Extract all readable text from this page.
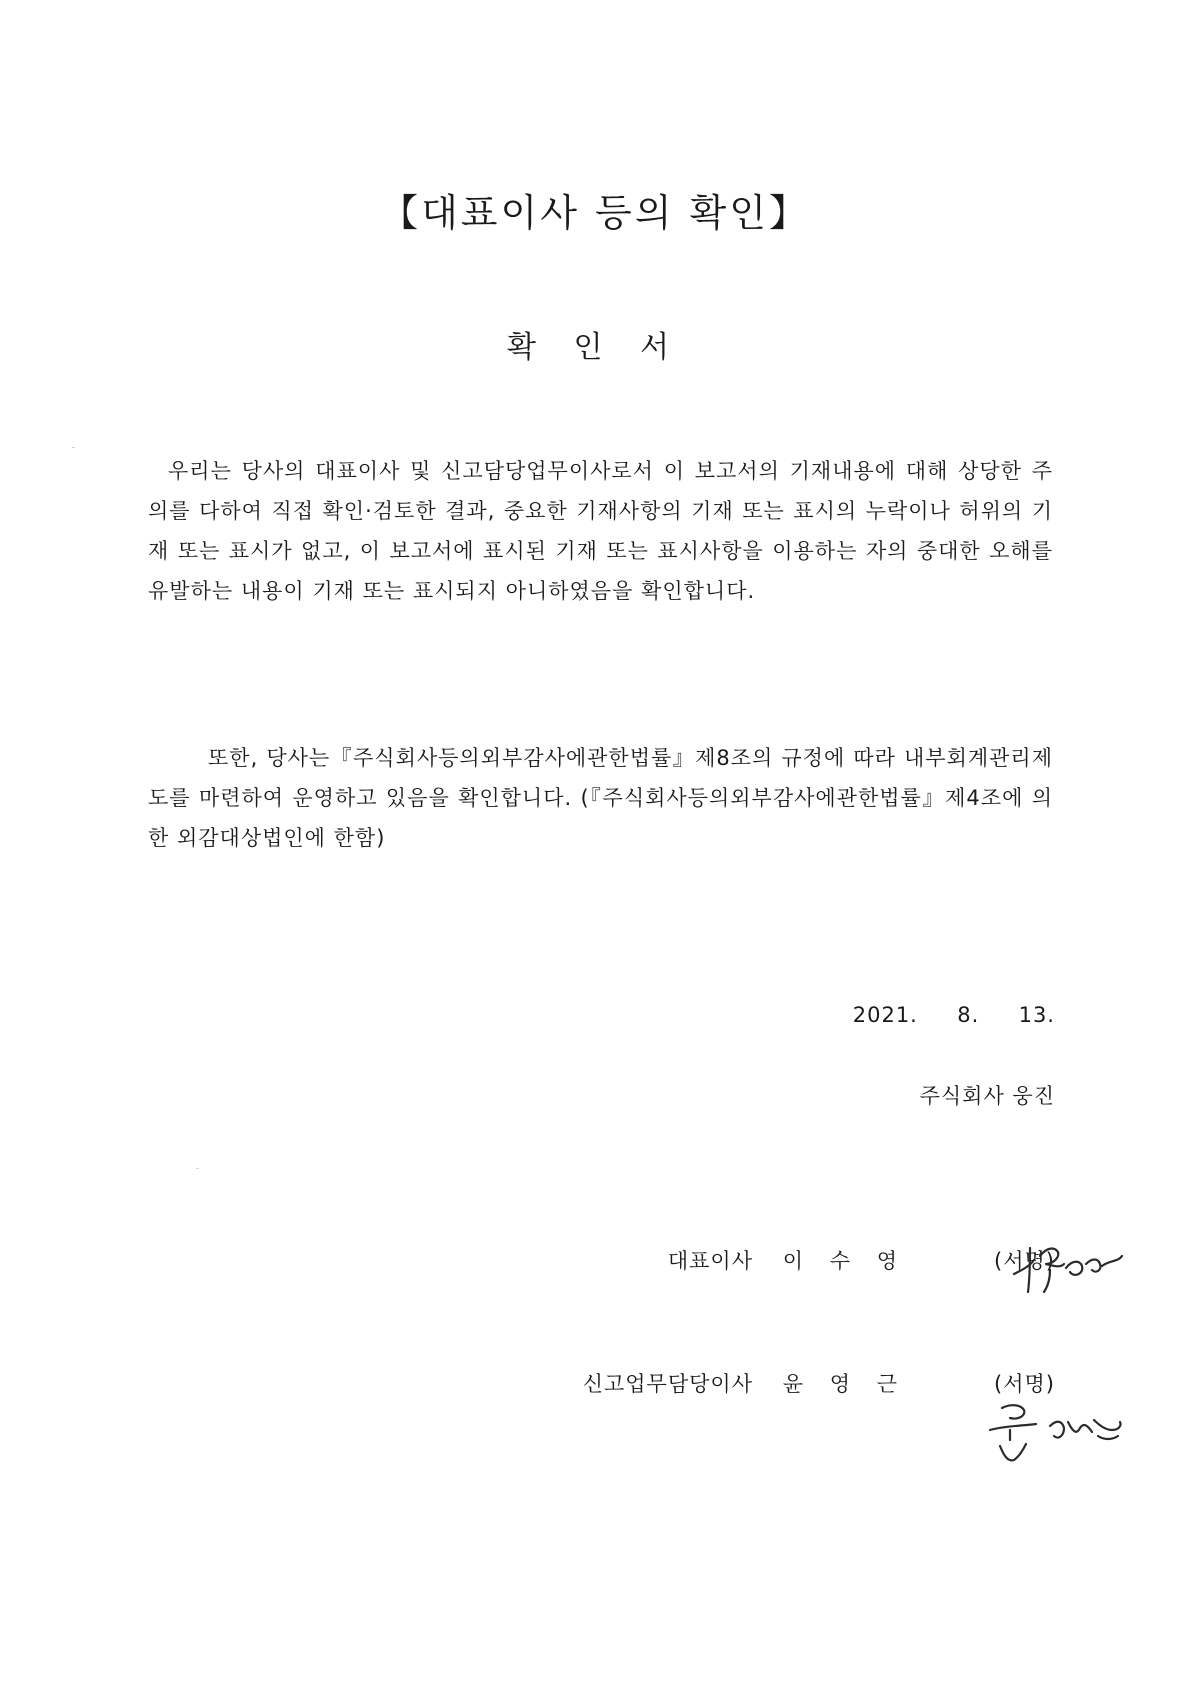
【대표이사 등의 확인】
확 인 서

우리는 당사의 대표이사 및 신고담당업무이사로서 이 보고서의 기재내용에 대해 상당한 주의를 다하여 직접 확인·검토한 결과, 중요한 기재사항의 기재 또는 표시의 누락이나 허위의 기재 또는 표시가 없고, 이 보고서에 표시된 기재 또는 표시사항을 이용하는 자의 중대한 오해를 유발하는 내용이 기재 또는 표시되지 아니하였음을 확인합니다.

또한, 당사는『주식회사등의외부감사에관한법률』제8조의 규정에 따라 내부회계관리제도를 마련하여 운영하고 있음을 확인합니다. (『주식회사등의외부감사에관한법률』제4조에 의한 외감대상법인에 한함)

2021.  8.  13.
주식회사 웅진
대표이사 이 수 영	(서명)
신고업무담당이사 윤 영 근	(서명)
